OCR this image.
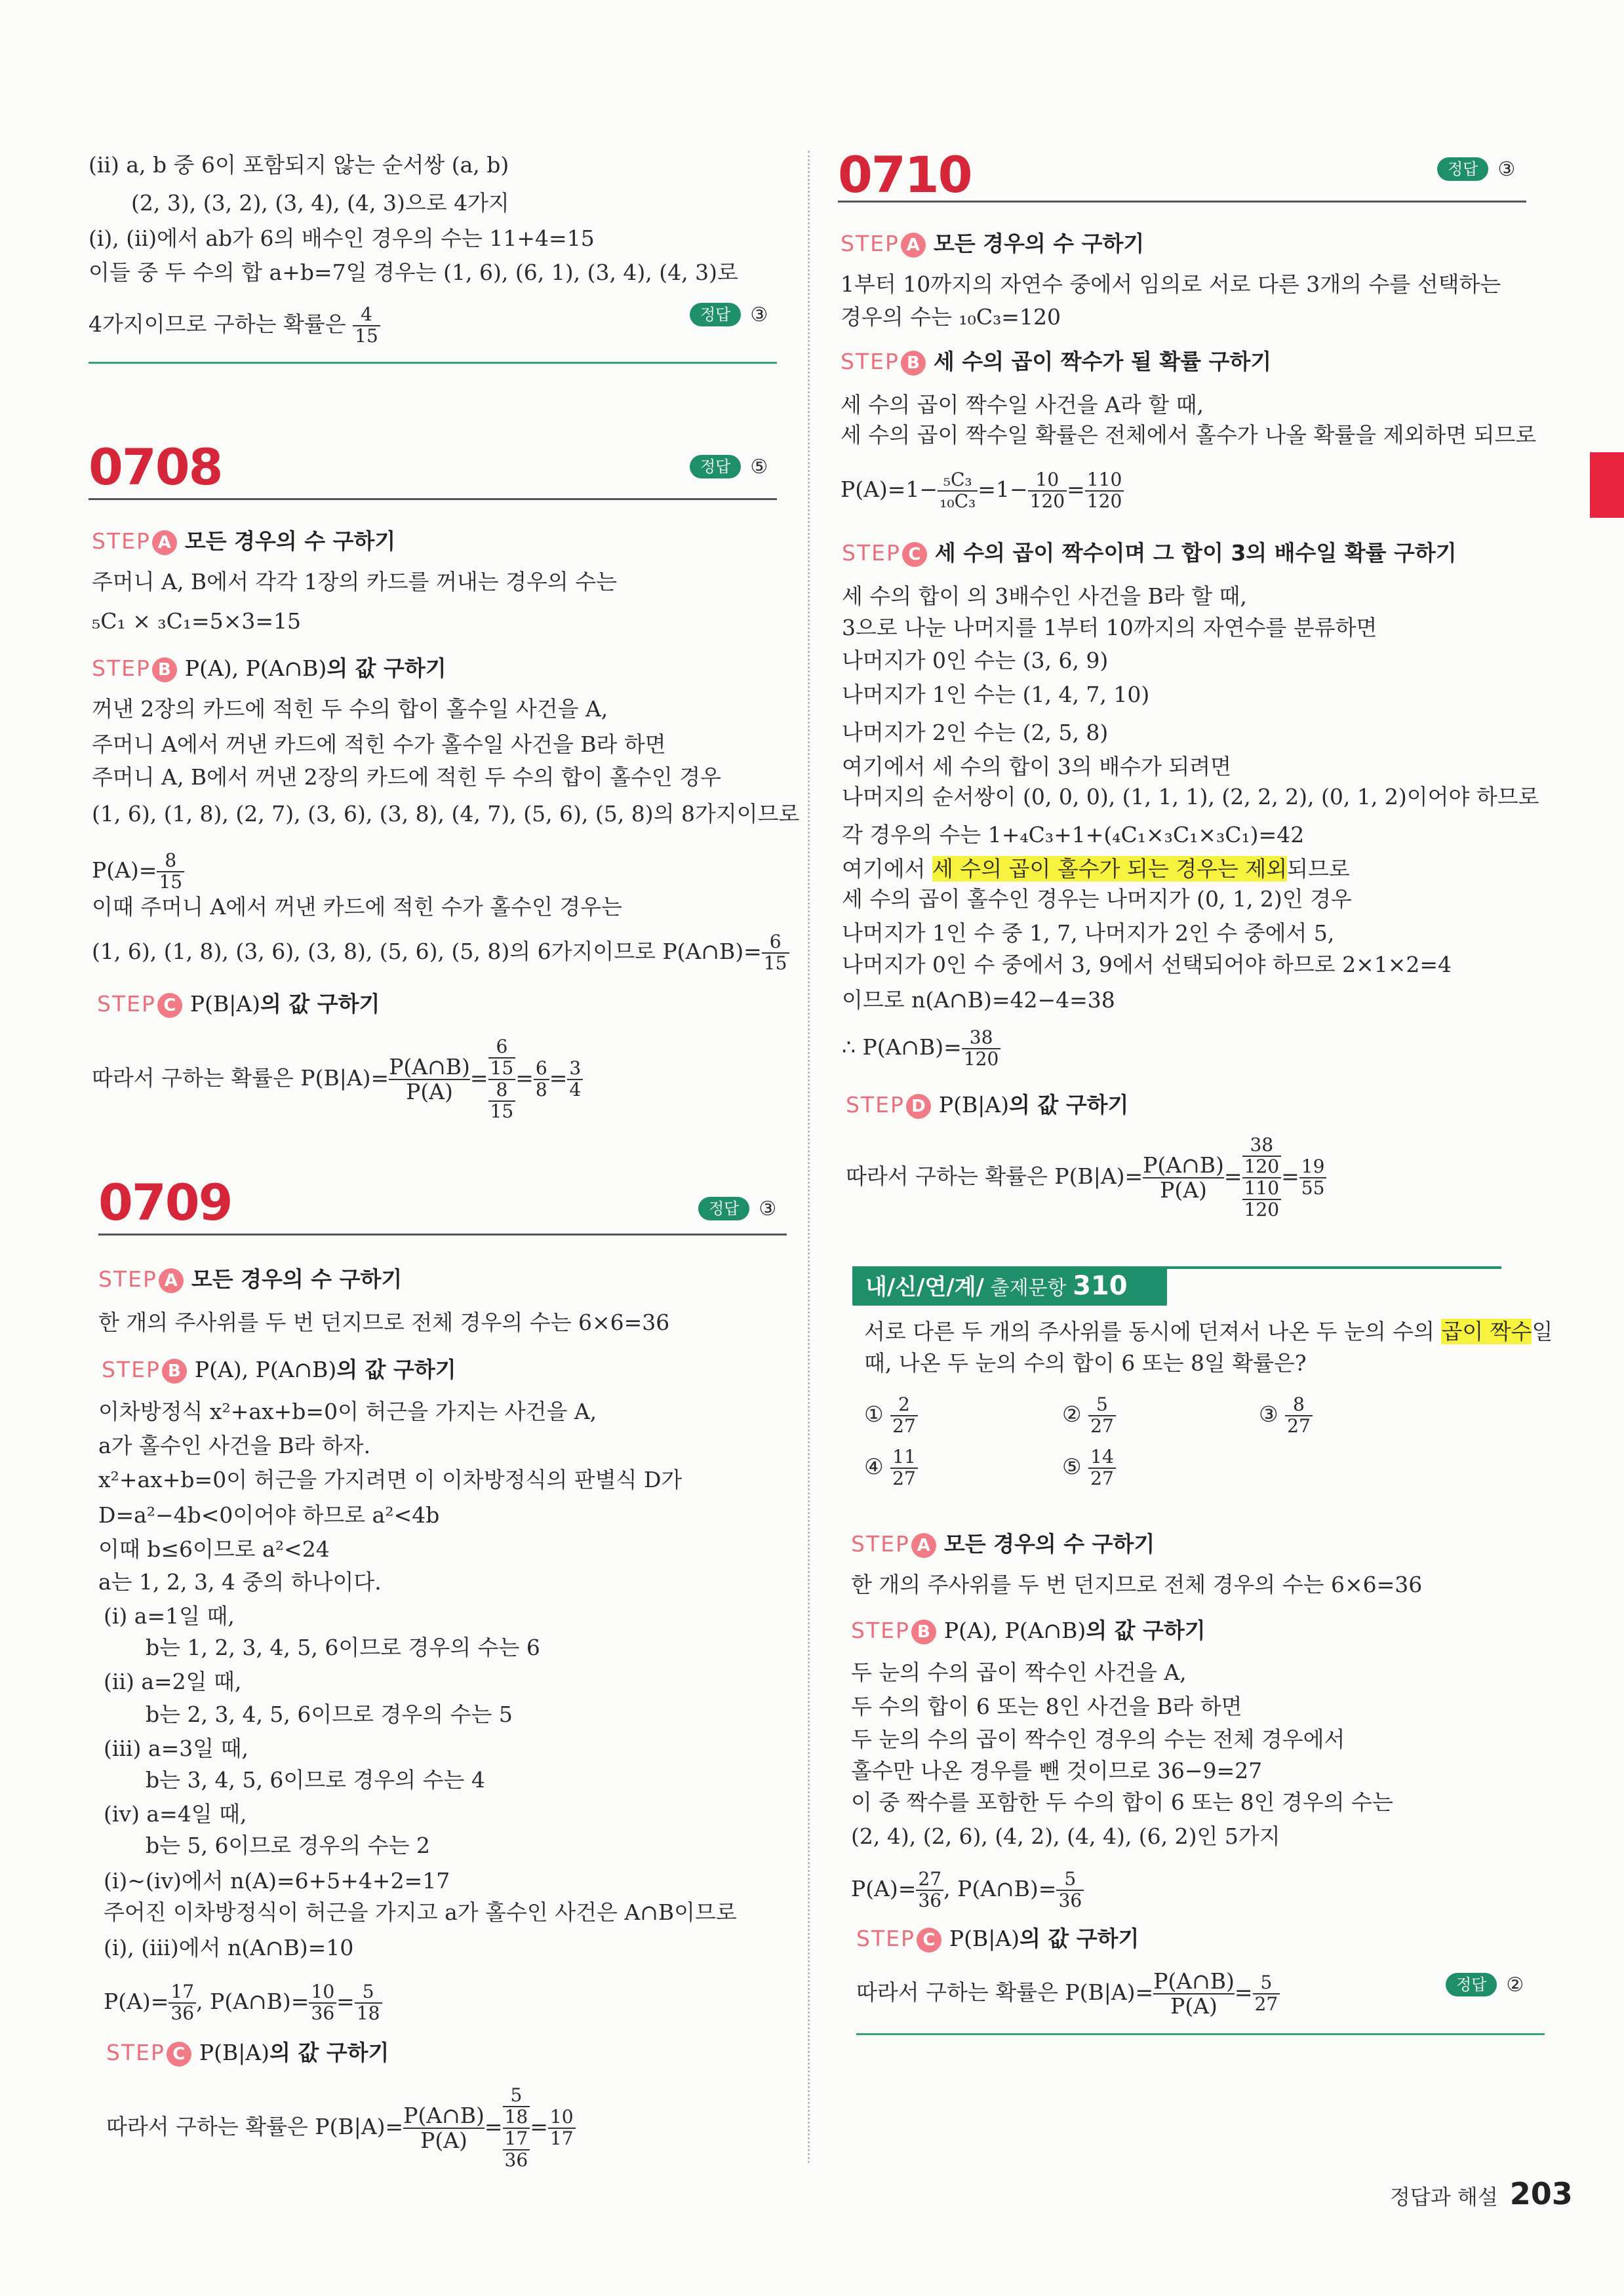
(ⅱ) a, b 중 6이 포함되지 않는 순서쌍 (a, b)
(2, 3), (3, 2), (3, 4), (4, 3)으로 4가지
(ⅰ), (ⅱ)에서 ab가 6의 배수인 경우의 수는 11+4=15
이들 중 두 수의 합 a+b=7일 경우는 (1, 6), (6, 1), (3, 4), (4, 3)로
4가지이므로 구하는 확률은 $\frac{4}{15}$	정답 ③
0708	정답 ⑤
STEP A 모든 경우의 수 구하기
주머니 A, B에서 각각 1장의 카드를 꺼내는 경우의 수는
₅C₁ × ₃C₁=5×3=15
STEP B P(A), P(A∩B)의 값 구하기
꺼낸 2장의 카드에 적힌 두 수의 합이 홀수일 사건을 A,
주머니 A에서 꺼낸 카드에 적힌 수가 홀수일 사건을 B라 하면
주머니 A, B에서 꺼낸 2장의 카드에 적힌 두 수의 합이 홀수인 경우
(1, 6), (1, 8), (2, 7), (3, 6), (3, 8), (4, 7), (5, 6), (5, 8)의 8가지이므로
$P(A)= \frac{8}{15}$
이때 주머니 A에서 꺼낸 카드에 적힌 수가 홀수인 경우는
(1, 6), (1, 8), (3, 6), (3, 8), (5, 6), (5, 8)의 6가지이므로 P(A∩B)= $\frac{6}{15}$
STEP C P(B|A)의 값 구하기
따라서 구하는 확률은 $P(B|A)= \frac{P(A\cap B)}{P(A)} = \frac{\frac{6}{15}}{\frac{8}{15}} = \frac{6}{8} = \frac{3}{4}$
0709	정답 ③
STEP A 모든 경우의 수 구하기
한 개의 주사위를 두 번 던지므로 전체 경우의 수는 6×6=36
STEP B P(A), P(A∩B)의 값 구하기
이차방정식 x²+ax+b=0이 허근을 가지는 사건을 A,
a가 홀수인 사건을 B라 하자.
x²+ax+b=0이 허근을 가지려면 이 이차방정식의 판별식 D가
D=a²−4b<0이어야 하므로 a²<4b
이때 b≤6이므로 a²<24
a는 1, 2, 3, 4 중의 하나이다.
(ⅰ) a=1일 때,
b는 1, 2, 3, 4, 5, 6이므로 경우의 수는 6
(ⅱ) a=2일 때,
b는 2, 3, 4, 5, 6이므로 경우의 수는 5
(ⅲ) a=3일 때,
b는 3, 4, 5, 6이므로 경우의 수는 4
(ⅳ) a=4일 때,
b는 5, 6이므로 경우의 수는 2
(ⅰ)~(ⅳ)에서 n(A)=6+5+4+2=17
주어진 이차방정식이 허근을 가지고 a가 홀수인 사건은 A∩B이므로
(ⅰ), (ⅲ)에서 n(A∩B)=10
$P(A)= \frac{17}{36}$ , P(A∩B)= $\frac{10}{36} = \frac{5}{18}$
STEP C P(B|A)의 값 구하기
따라서 구하는 확률은 $P(B|A)= \frac{P(A\cap B)}{P(A)} = \frac{\frac{5}{18}}{\frac{17}{36}} = \frac{10}{17}$
0710	정답 ③
STEP A 모든 경우의 수 구하기
1부터 10까지의 자연수 중에서 임의로 서로 다른 3개의 수를 선택하는
경우의 수는 ₁₀C₃=120
STEP B 세 수의 곱이 짝수가 될 확률 구하기
세 수의 곱이 짝수일 사건을 A라 할 때,
세 수의 곱이 짝수일 확률은 전체에서 홀수가 나올 확률을 제외하면 되므로
$P(A)=1- \frac{\text{₅C₃}}{\text{₁₀C₃}} =1- \frac{10}{120} = \frac{110}{120}$
STEP C 세 수의 곱이 짝수이며 그 합이 3의 배수일 확률 구하기
세 수의 합이 의 3배수인 사건을 B라 할 때,
3으로 나눈 나머지를 1부터 10까지의 자연수를 분류하면
나머지가 0인 수는 (3, 6, 9)
나머지가 1인 수는 (1, 4, 7, 10)
나머지가 2인 수는 (2, 5, 8)
여기에서 세 수의 합이 3의 배수가 되려면
나머지의 순서쌍이 (0, 0, 0), (1, 1, 1), (2, 2, 2), (0, 1, 2)이어야 하므로
각 경우의 수는 1+₄C₃+1+(₄C₁×₃C₁×₃C₁)=42
여기에서 세 수의 곱이 홀수가 되는 경우는 제외되므로
세 수의 곱이 홀수인 경우는 나머지가 (0, 1, 2)인 경우
나머지가 1인 수 중 1, 7, 나머지가 2인 수 중에서 5,
나머지가 0인 수 중에서 3, 9에서 선택되어야 하므로 2×1×2=4
이므로 n(A∩B)=42−4=38
∴ P(A∩B)= $\frac{38}{120}$
STEP D P(B|A)의 값 구하기
따라서 구하는 확률은 $P(B|A)= \frac{P(A\cap B)}{P(A)} = \frac{\frac{38}{120}}{\frac{110}{120}} = \frac{19}{55}$
내/신/연/계/ 출제문항 310
서로 다른 두 개의 주사위를 동시에 던져서 나온 두 눈의 수의 곱이 짝수일
때, 나온 두 눈의 수의 합이 6 또는 8일 확률은?
① $\frac{2}{27}$	② $\frac{5}{27}$	③ $\frac{8}{27}$
④ $\frac{11}{27}$	⑤ $\frac{14}{27}$
STEP A 모든 경우의 수 구하기
한 개의 주사위를 두 번 던지므로 전체 경우의 수는 6×6=36
STEP B P(A), P(A∩B)의 값 구하기
두 눈의 수의 곱이 짝수인 사건을 A,
두 수의 합이 6 또는 8인 사건을 B라 하면
두 눈의 수의 곱이 짝수인 경우의 수는 전체 경우에서
홀수만 나온 경우를 뺀 것이므로 36−9=27
이 중 짝수를 포함한 두 수의 합이 6 또는 8인 경우의 수는
(2, 4), (2, 6), (4, 2), (4, 4), (6, 2)인 5가지
$P(A)= \frac{27}{36}$ , P(A∩B)= $\frac{5}{36}$
STEP C P(B|A)의 값 구하기
따라서 구하는 확률은 $P(B|A)= \frac{P(A\cap B)}{P(A)} = \frac{5}{27}$	정답 ②
정답과 해설 203
